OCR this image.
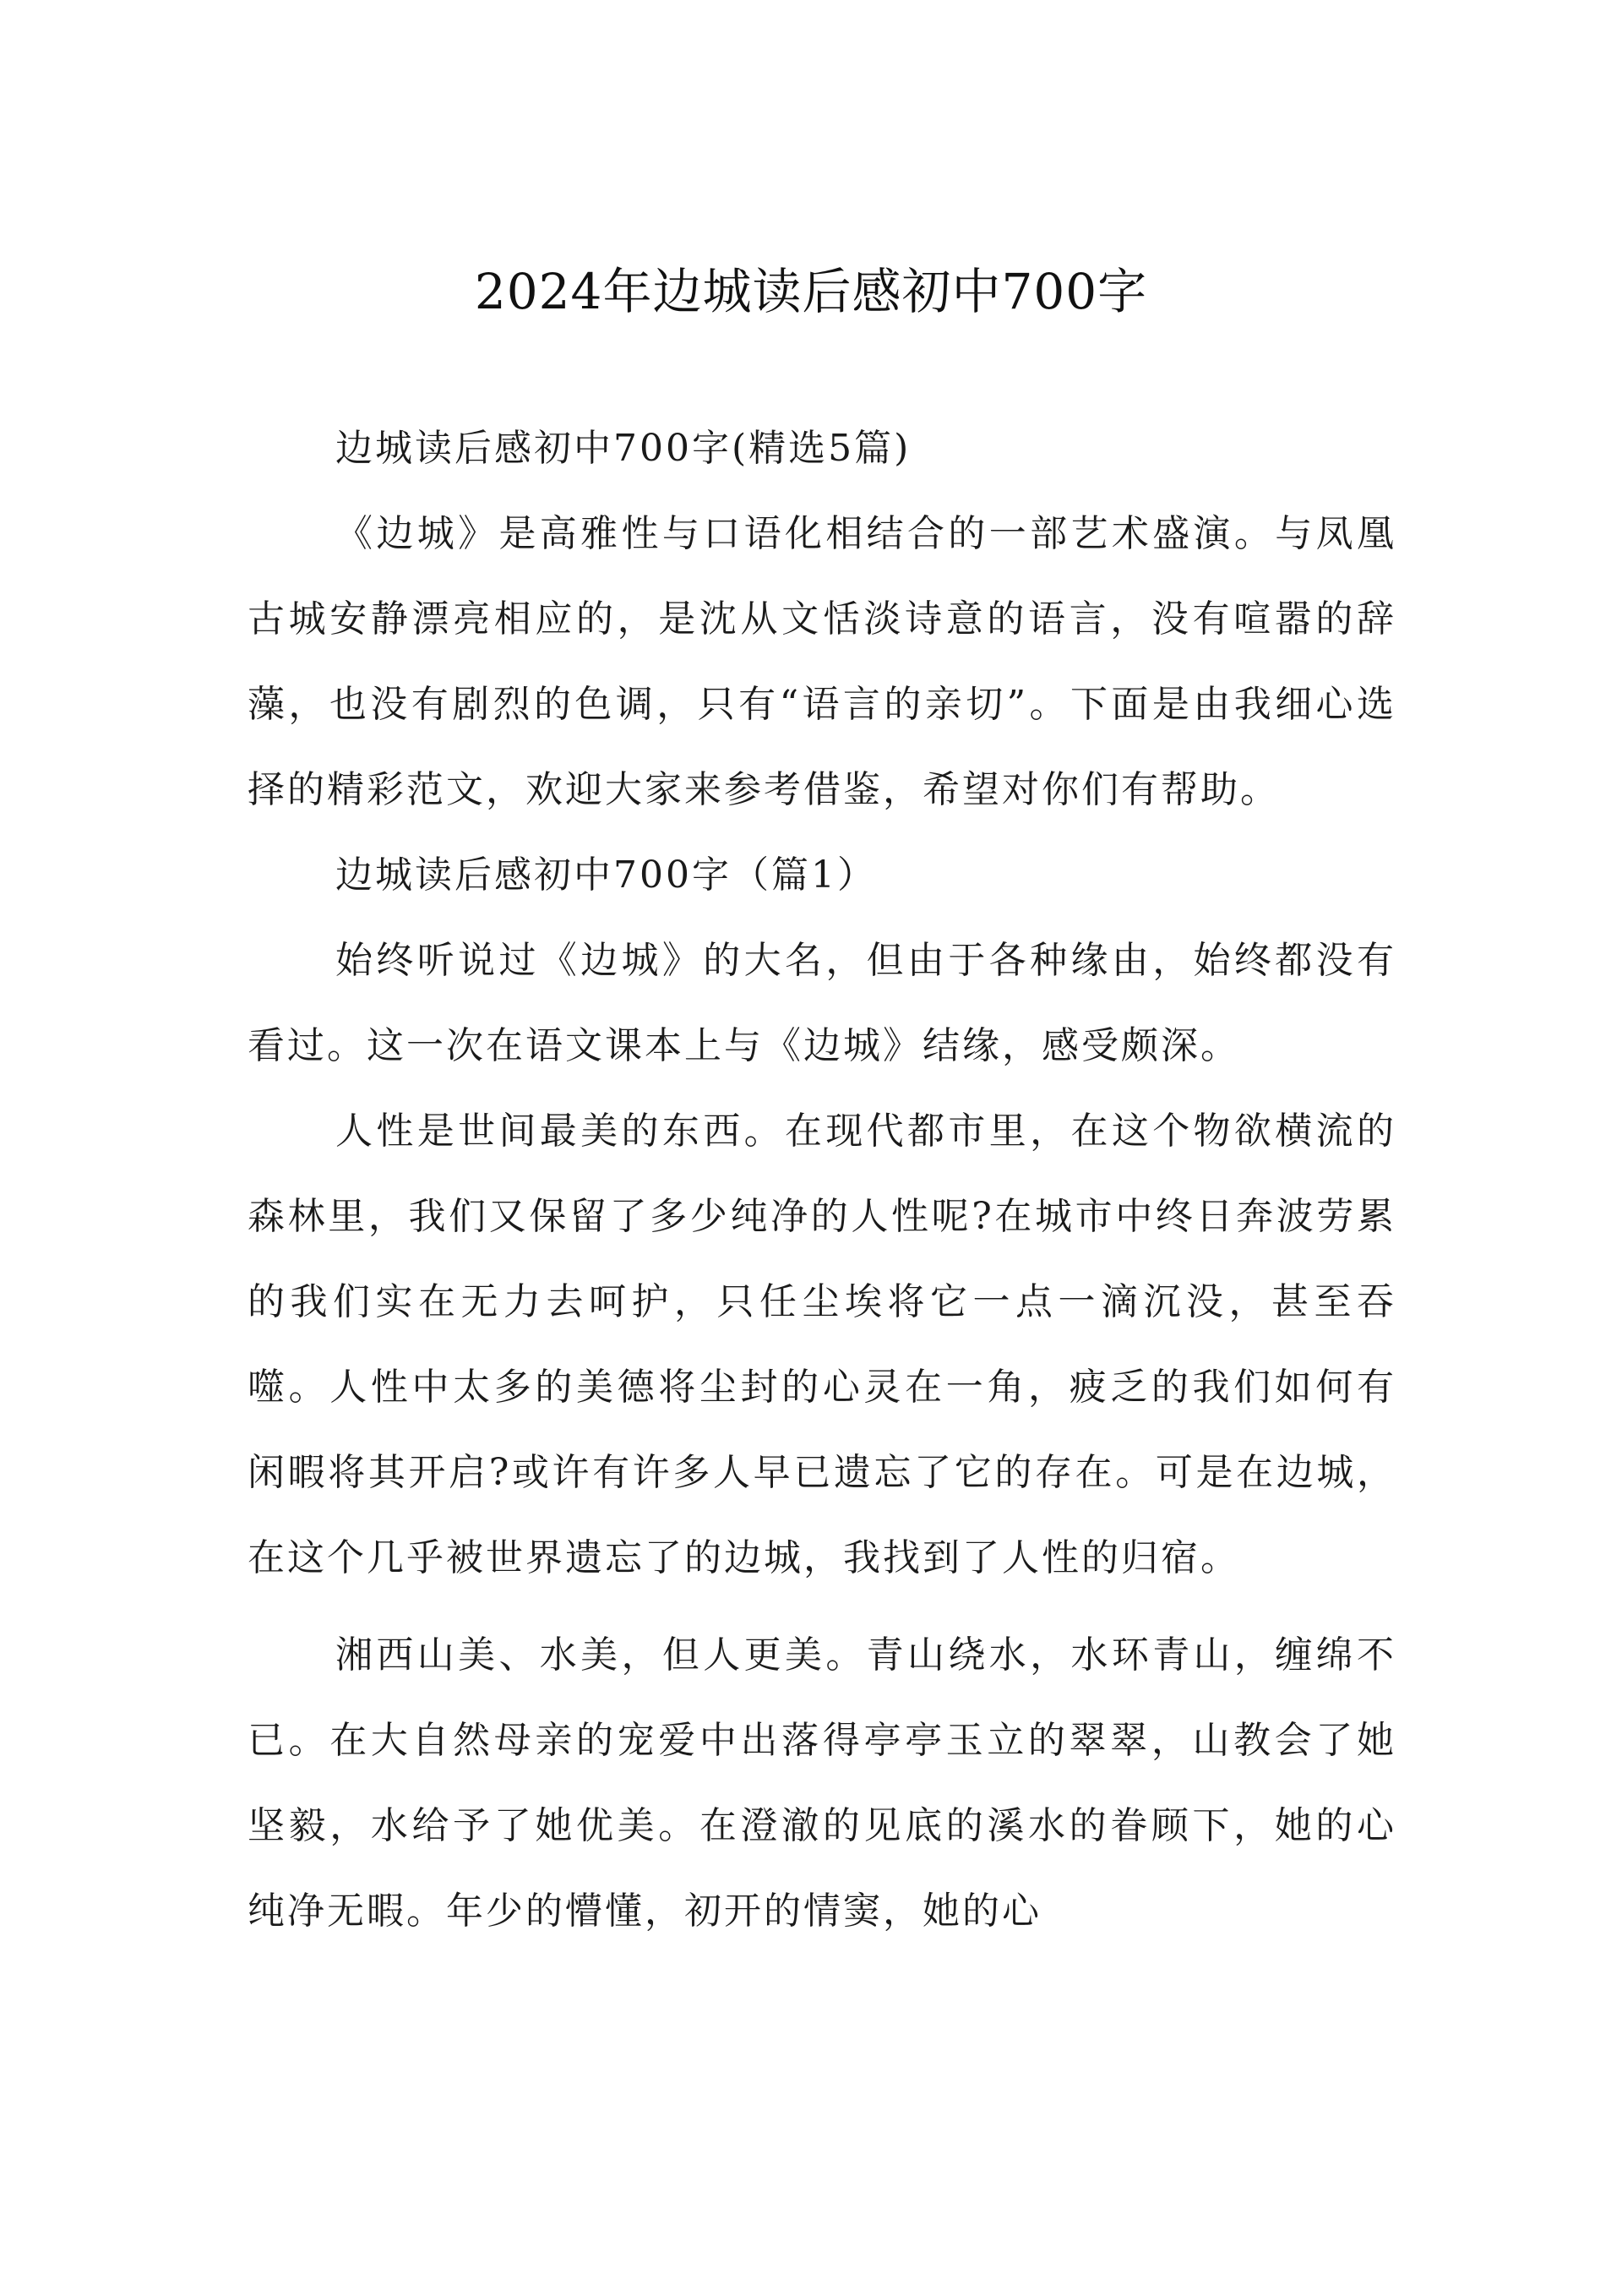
2024年边城读后感初中700字

边城读后感初中700字(精选5篇)

《边城》是高雅性与口语化相结合的一部艺术盛演。与凤凰古城安静漂亮相应的，是沈从文恬淡诗意的语言，没有喧嚣的辞藻，也没有剧烈的色调，只有“语言的亲切”。下面是由我细心选择的精彩范文，欢迎大家来参考借鉴，希望对你们有帮助。

边城读后感初中700字（篇1）

始终听说过《边城》的大名，但由于各种缘由，始终都没有看过。这一次在语文课本上与《边城》结缘，感受颇深。

人性是世间最美的东西。在现代都市里，在这个物欲横流的森林里，我们又保留了多少纯净的人性呢?在城市中终日奔波劳累的我们实在无力去呵护，只任尘埃将它一点一滴沉没，甚至吞噬。人性中太多的美德将尘封的心灵在一角，疲乏的我们如何有闲暇将其开启?或许有许多人早已遗忘了它的存在。可是在边城，在这个几乎被世界遗忘了的边城，我找到了人性的归宿。

湘西山美、水美，但人更美。青山绕水，水环青山，缠绵不已。在大自然母亲的宠爱中出落得亭亭玉立的翠翠，山教会了她坚毅，水给予了她优美。在澄澈的见底的溪水的眷顾下，她的心纯净无暇。年少的懵懂，初开的情窦，她的心
